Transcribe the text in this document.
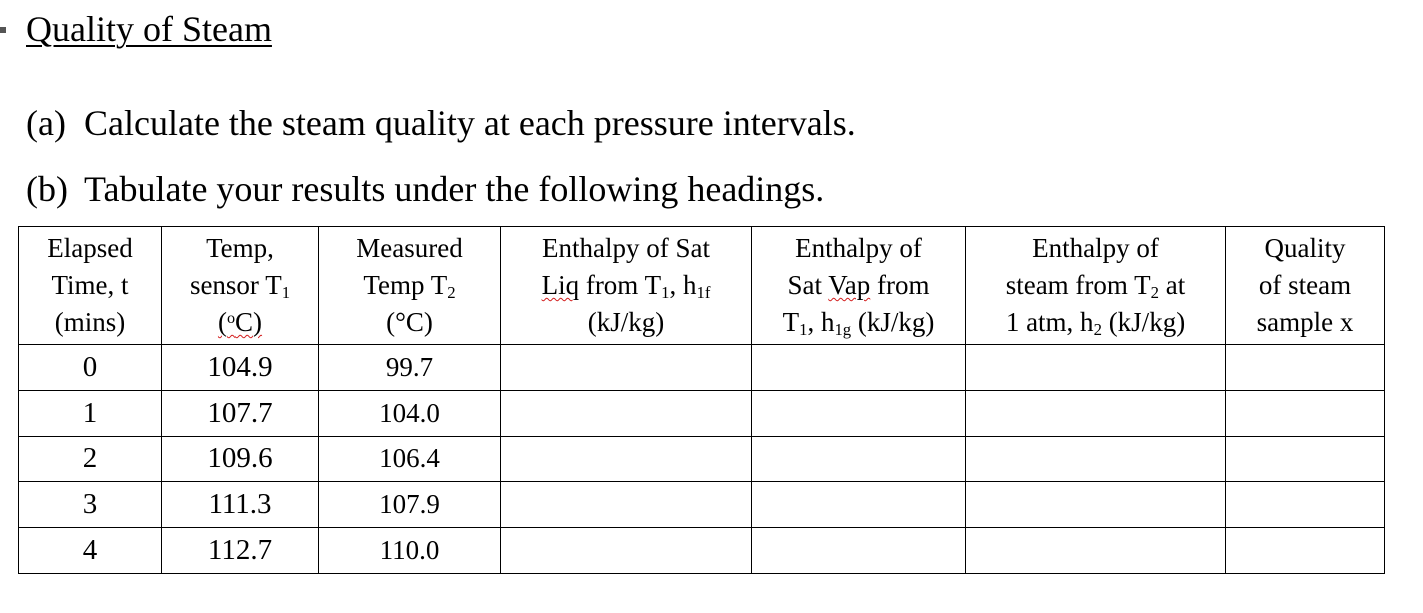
Quality of Steam
(a) Calculate the steam quality at each pressure intervals.
(b) Tabulate your results under the following headings.
Elapsed
Time, t
(mins)	Temp,
sensor $T_1$
($^o$C)	Measured
Temp $T_2$
(°C)	Enthalpy of Sat
Liq from $T_1$, $h_{1f}$
(kJ/kg)	Enthalpy of
Sat Vap from
$T_1$, $h_{1g}$ (kJ/kg)	Enthalpy of
steam from $T_2$ at
1 atm, $h_2$ (kJ/kg)	Quality
of steam
sample x
0	104.9	99.7				
1	107.7	104.0				
2	109.6	106.4				
3	111.3	107.9				
4	112.7	110.0				
